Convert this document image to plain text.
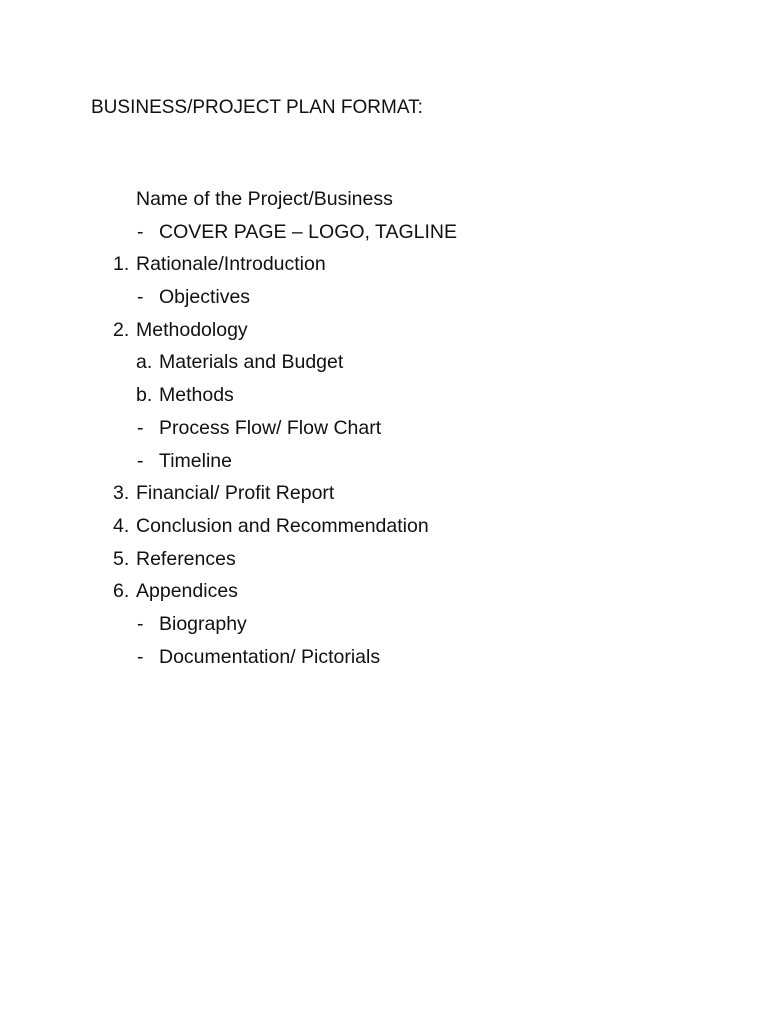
BUSINESS/PROJECT PLAN FORMAT:
Name of the Project/Business
- COVER PAGE – LOGO, TAGLINE
1. Rationale/Introduction
- Objectives
2. Methodology
a. Materials and Budget
b. Methods
- Process Flow/ Flow Chart
- Timeline
3. Financial/ Profit Report
4. Conclusion and Recommendation
5. References
6. Appendices
- Biography
- Documentation/ Pictorials
